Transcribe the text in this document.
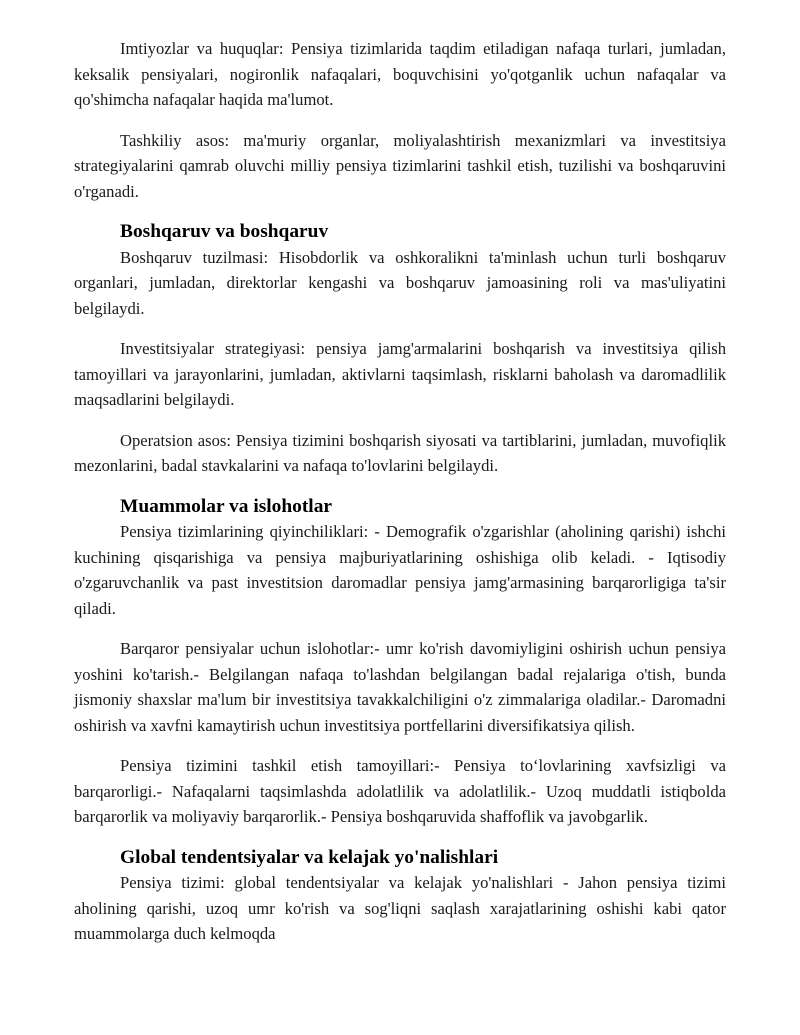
Imtiyozlar va huquqlar: Pensiya tizimlarida taqdim etiladigan nafaqa turlari, jumladan, keksalik pensiyalari, nogironlik nafaqalari, boquvchisini yo'qotganlik uchun nafaqalar va qo'shimcha nafaqalar haqida ma'lumot.

Tashkiliy asos: ma'muriy organlar, moliyalashtirish mexanizmlari va investitsiya strategiyalarini qamrab oluvchi milliy pensiya tizimlarini tashkil etish, tuzilishi va boshqaruvini o'rganadi.

Boshqaruv va boshqaruv

Boshqaruv tuzilmasi: Hisobdorlik va oshkoralikni ta'minlash uchun turli boshqaruv organlari, jumladan, direktorlar kengashi va boshqaruv jamoasining roli va mas'uliyatini belgilaydi.

Investitsiyalar strategiyasi: pensiya jamg'armalarini boshqarish va investitsiya qilish tamoyillari va jarayonlarini, jumladan, aktivlarni taqsimlash, risklarni baholash va daromadlilik maqsadlarini belgilaydi.

Operatsion asos: Pensiya tizimini boshqarish siyosati va tartiblarini, jumladan, muvofiqlik mezonlarini, badal stavkalarini va nafaqa to'lovlarini belgilaydi.

Muammolar va islohotlar

Pensiya tizimlarining qiyinchiliklari: - Demografik o'zgarishlar (aholining qarishi) ishchi kuchining qisqarishiga va pensiya majburiyatlarining oshishiga olib keladi. - Iqtisodiy o'zgaruvchanlik va past investitsion daromadlar pensiya jamg'armasining barqarorligiga ta'sir qiladi.

Barqaror pensiyalar uchun islohotlar:- umr ko'rish davomiyligini oshirish uchun pensiya yoshini ko'tarish.- Belgilangan nafaqa to'lashdan belgilangan badal rejalariga o'tish, bunda jismoniy shaxslar ma'lum bir investitsiya tavakkalchiligini o'z zimmalariga oladilar.- Daromadni oshirish va xavfni kamaytirish uchun investitsiya portfellarini diversifikatsiya qilish.

Pensiya tizimini tashkil etish tamoyillari:- Pensiya to‘lovlarining xavfsizligi va barqarorligi.- Nafaqalarni taqsimlashda adolatlilik va adolatlilik.- Uzoq muddatli istiqbolda barqarorlik va moliyaviy barqarorlik.- Pensiya boshqaruvida shaffoflik va javobgarlik.

Global tendentsiyalar va kelajak yo'nalishlari

Pensiya tizimi: global tendentsiyalar va kelajak yo'nalishlari - Jahon pensiya tizimi aholining qarishi, uzoq umr ko'rish va sog'liqni saqlash xarajatlarining oshishi kabi qator muammolarga duch kelmoqda
